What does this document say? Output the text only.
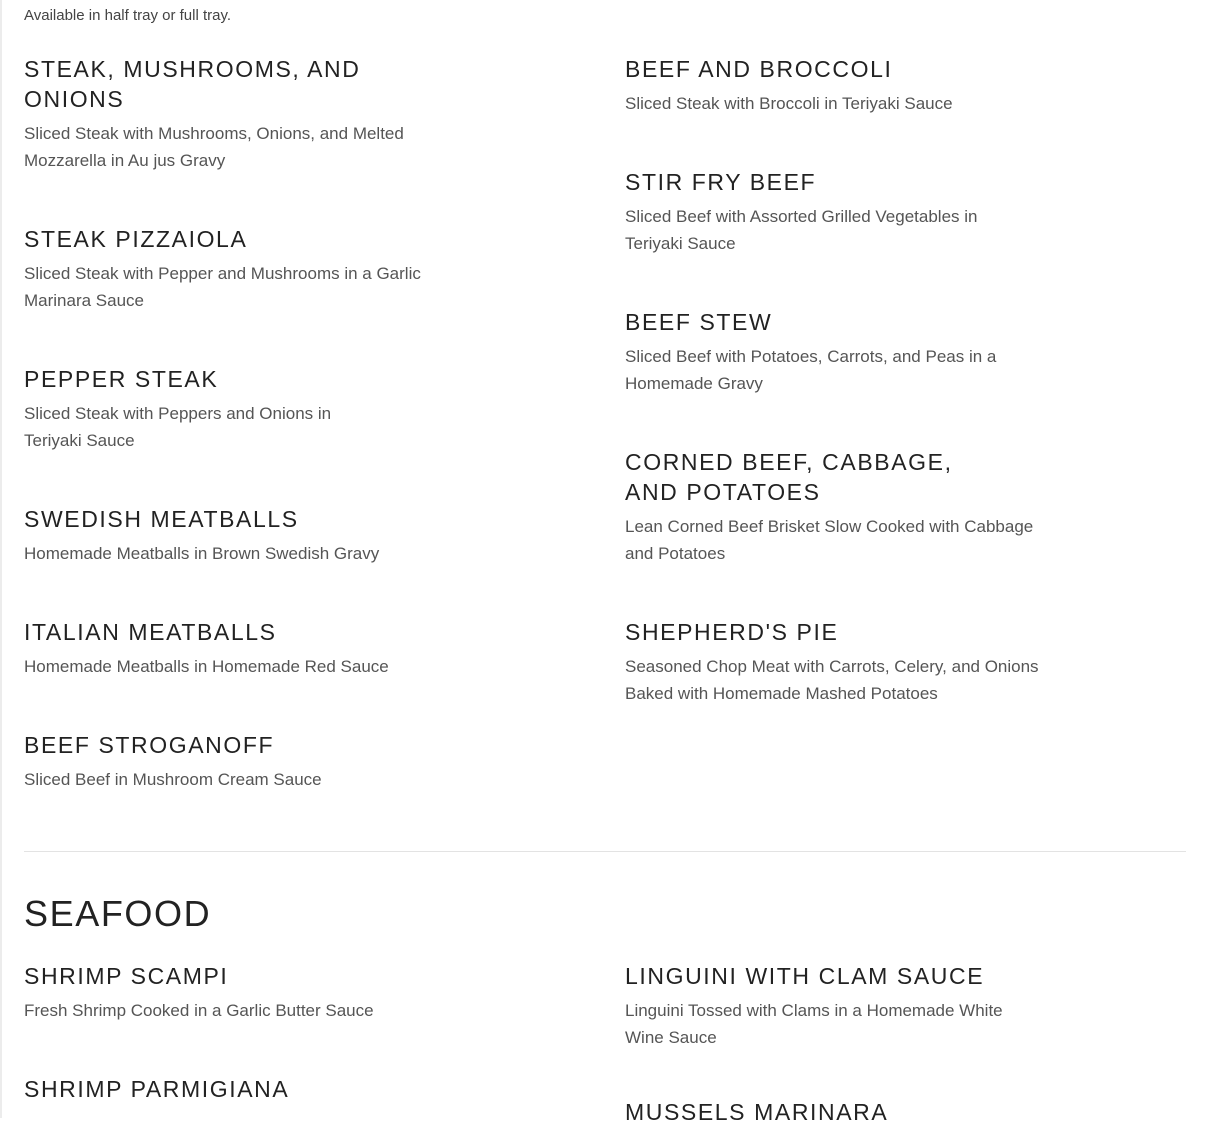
Available in half tray or full tray.
STEAK, MUSHROOMS, AND ONIONS
Sliced Steak with Mushrooms, Onions, and Melted Mozzarella in Au jus Gravy
STEAK PIZZAIOLA
Sliced Steak with Pepper and Mushrooms in a Garlic Marinara Sauce
PEPPER STEAK
Sliced Steak with Peppers and Onions in Teriyaki Sauce
SWEDISH MEATBALLS
Homemade Meatballs in Brown Swedish Gravy
ITALIAN MEATBALLS
Homemade Meatballs in Homemade Red Sauce
BEEF STROGANOFF
Sliced Beef in Mushroom Cream Sauce
BEEF AND BROCCOLI
Sliced Steak with Broccoli in Teriyaki Sauce
STIR FRY BEEF
Sliced Beef with Assorted Grilled Vegetables in Teriyaki Sauce
BEEF STEW
Sliced Beef with Potatoes, Carrots, and Peas in a Homemade Gravy
CORNED BEEF, CABBAGE, AND POTATOES
Lean Corned Beef Brisket Slow Cooked with Cabbage and Potatoes
SHEPHERD'S PIE
Seasoned Chop Meat with Carrots, Celery, and Onions Baked with Homemade Mashed Potatoes
SEAFOOD
SHRIMP SCAMPI
Fresh Shrimp Cooked in a Garlic Butter Sauce
SHRIMP PARMIGIANA
LINGUINI WITH CLAM SAUCE
Linguini Tossed with Clams in a Homemade White Wine Sauce
MUSSELS MARINARA
